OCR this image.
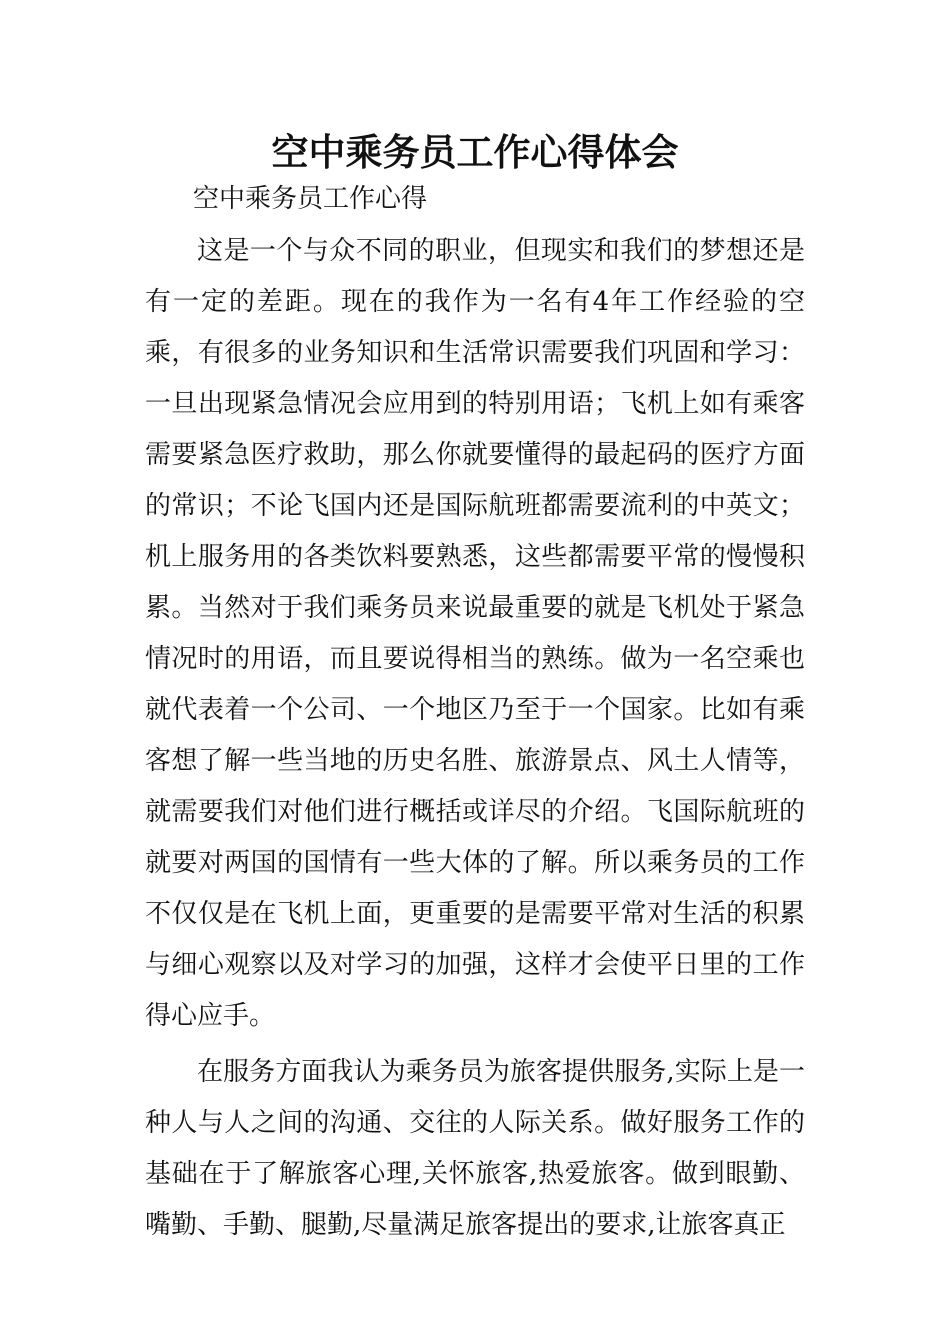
空中乘务员工作心得体会
空中乘务员工作心得

这是一个与众不同的职业，但现实和我们的梦想还是有一定的差距。现在的我作为一名有4年工作经验的空乘，有很多的业务知识和生活常识需要我们巩固和学习：一旦出现紧急情况会应用到的特别用语；飞机上如有乘客需要紧急医疗救助，那么你就要懂得的最起码的医疗方面的常识；不论飞国内还是国际航班都需要流利的中英文；机上服务用的各类饮料要熟悉，这些都需要平常的慢慢积累。当然对于我们乘务员来说最重要的就是飞机处于紧急情况时的用语，而且要说得相当的熟练。做为一名空乘也就代表着一个公司、一个地区乃至于一个国家。比如有乘客想了解一些当地的历史名胜、旅游景点、风土人情等，就需要我们对他们进行概括或详尽的介绍。飞国际航班的就要对两国的国情有一些大体的了解。所以乘务员的工作不仅仅是在飞机上面，更重要的是需要平常对生活的积累与细心观察以及对学习的加强，这样才会使平日里的工作得心应手。

在服务方面我认为乘务员为旅客提供服务,实际上是一种人与人之间的沟通、交往的人际关系。做好服务工作的基础在于了解旅客心理,关怀旅客,热爱旅客。做到眼勤、嘴勤、手勤、腿勤,尽量满足旅客提出的要求,让旅客真正
